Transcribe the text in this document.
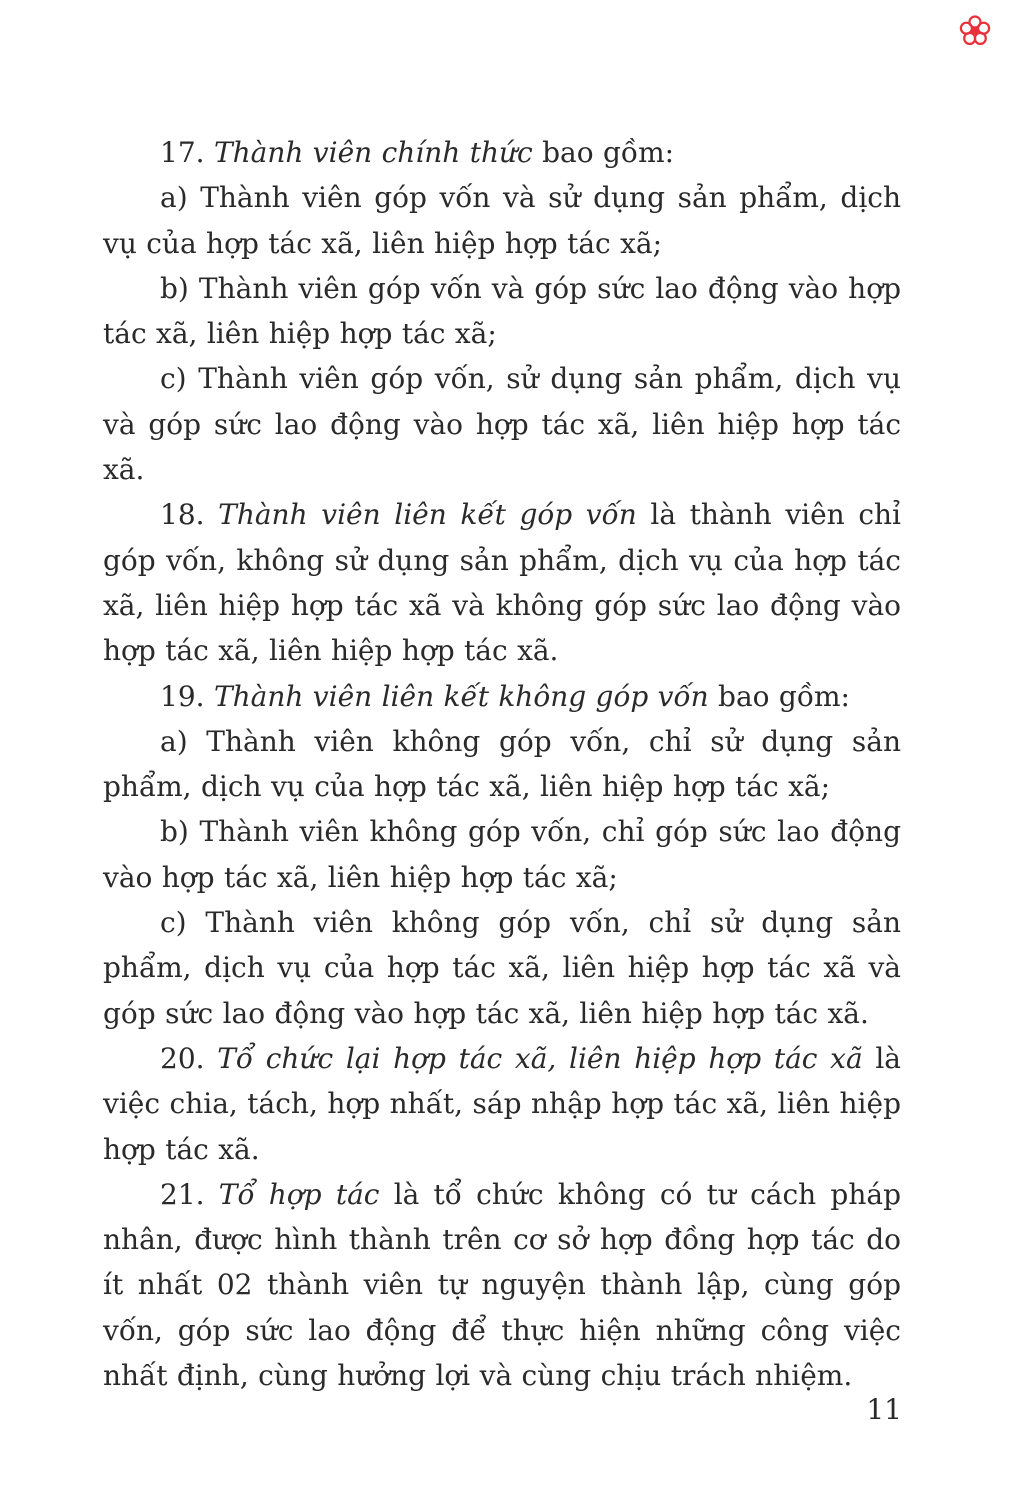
17. Thành viên chính thức bao gồm:

a) Thành viên góp vốn và sử dụng sản phẩm, dịch vụ của hợp tác xã, liên hiệp hợp tác xã;

b) Thành viên góp vốn và góp sức lao động vào hợp tác xã, liên hiệp hợp tác xã;

c) Thành viên góp vốn, sử dụng sản phẩm, dịch vụ và góp sức lao động vào hợp tác xã, liên hiệp hợp tác xã.

18. Thành viên liên kết góp vốn là thành viên chỉ góp vốn, không sử dụng sản phẩm, dịch vụ của hợp tác xã, liên hiệp hợp tác xã và không góp sức lao động vào hợp tác xã, liên hiệp hợp tác xã.

19. Thành viên liên kết không góp vốn bao gồm:

a) Thành viên không góp vốn, chỉ sử dụng sản phẩm, dịch vụ của hợp tác xã, liên hiệp hợp tác xã;

b) Thành viên không góp vốn, chỉ góp sức lao động vào hợp tác xã, liên hiệp hợp tác xã;

c) Thành viên không góp vốn, chỉ sử dụng sản phẩm, dịch vụ của hợp tác xã, liên hiệp hợp tác xã và góp sức lao động vào hợp tác xã, liên hiệp hợp tác xã.

20. Tổ chức lại hợp tác xã, liên hiệp hợp tác xã là việc chia, tách, hợp nhất, sáp nhập hợp tác xã, liên hiệp hợp tác xã.

21. Tổ hợp tác là tổ chức không có tư cách pháp nhân, được hình thành trên cơ sở hợp đồng hợp tác do ít nhất 02 thành viên tự nguyện thành lập, cùng góp vốn, góp sức lao động để thực hiện những công việc nhất định, cùng hưởng lợi và cùng chịu trách nhiệm.

11
